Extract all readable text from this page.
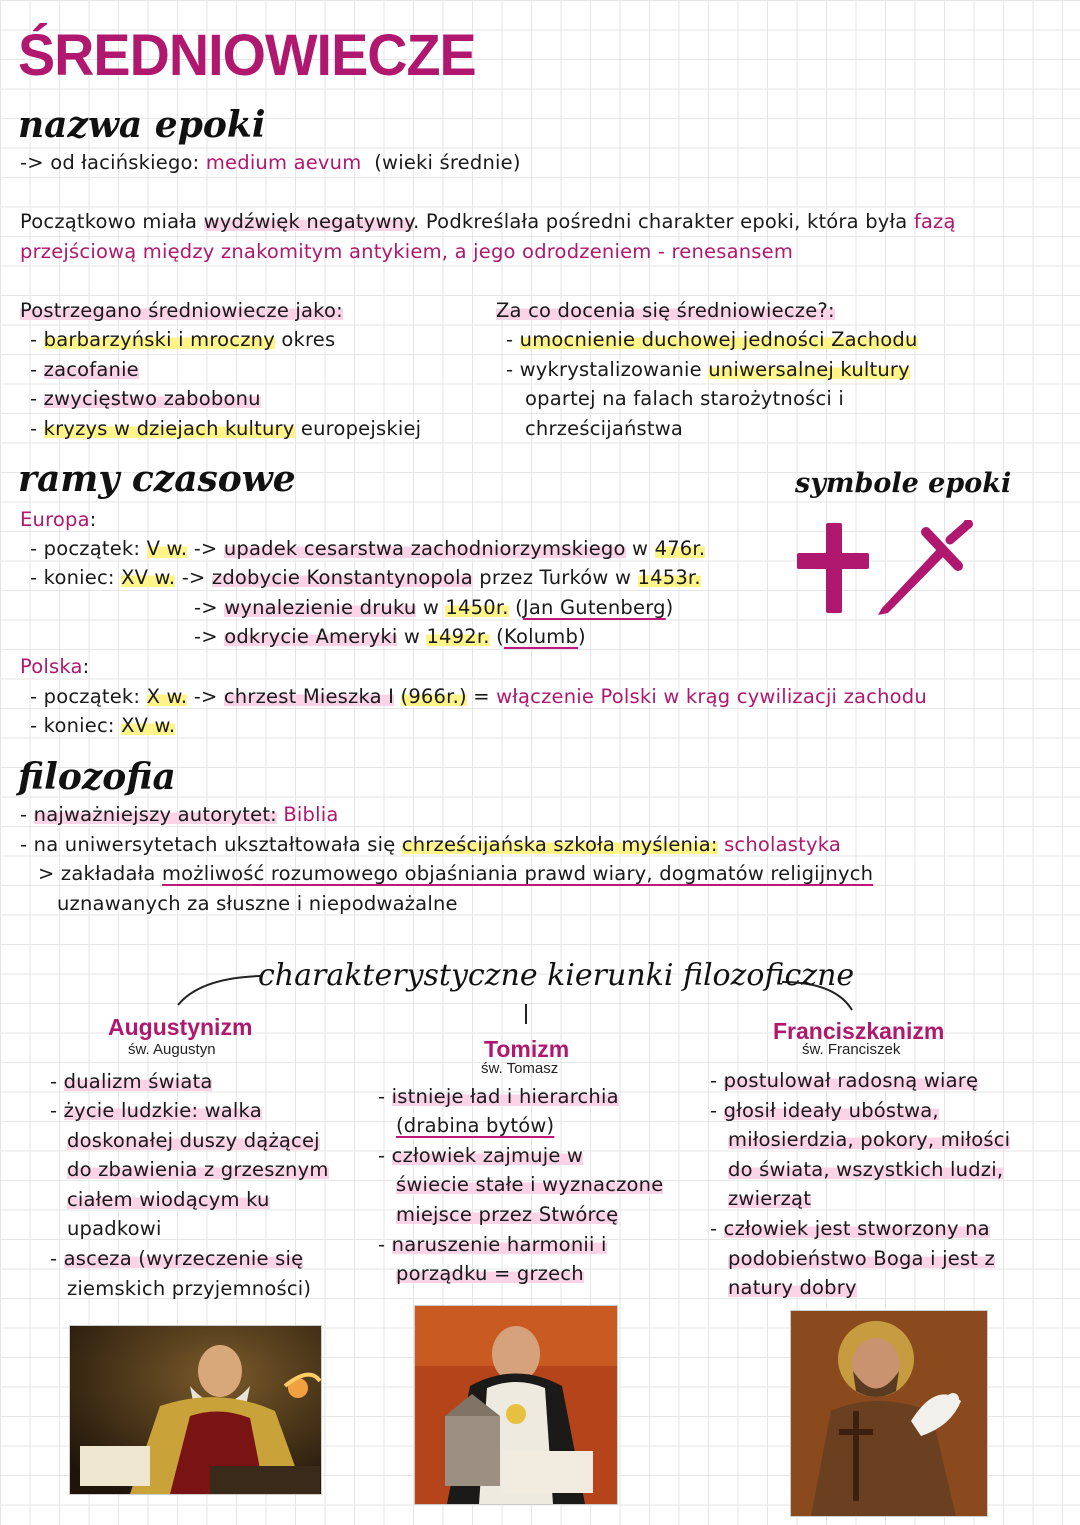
ŚREDNIOWIECZE
nazwa epoki
-> od łacińskiego: medium aevum (wieki średnie)
Początkowo miała wydźwięk negatywny. Podkreślała pośredni charakter epoki, która była fazą
przejściową między znakomitym antykiem, a jego odrodzeniem - renesansem
Postrzegano średniowiecze jako:
- barbarzyński i mroczny okres
- zacofanie
- zwycięstwo zabobonu
- kryzys w dziejach kultury europejskiej
Za co docenia się średniowiecze?:
- umocnienie duchowej jedności Zachodu
- wykrystalizowanie uniwersalnej kultury
opartej na falach starożytności i
chrześcijaństwa
ramy czasowe	symbole epoki
Europa:
- początek: V w. -> upadek cesarstwa zachodniorzymskiego w 476r.
- koniec: XV w. -> zdobycie Konstantynopola przez Turków w 1453r.
-> wynalezienie druku w 1450r. (Jan Gutenberg)
-> odkrycie Ameryki w 1492r. (Kolumb)
Polska:
- początek: X w. -> chrzest Mieszka I (966r.) = włączenie Polski w krąg cywilizacji zachodu
- koniec: XV w.
filozofia
- najważniejszy autorytet: Biblia
- na uniwersytetach ukształtowała się chrześcijańska szkoła myślenia: scholastyka
> zakładała możliwość rozumowego objaśniania prawd wiary, dogmatów religijnych
uznawanych za słuszne i niepodważalne
charakterystyczne kierunki filozoficzne
Augustynizm
św. Augustyn
- dualizm świata
- życie ludzkie: walka
doskonałej duszy dążącej
do zbawienia z grzesznym
ciałem wiodącym ku
upadkowi
- asceza (wyrzeczenie się
ziemskich przyjemności)
Tomizm
św. Tomasz
- istnieje ład i hierarchia
(drabina bytów)
- człowiek zajmuje w
świecie stałe i wyznaczone
miejsce przez Stwórcę
- naruszenie harmonii i
porządku = grzech
Franciszkanizm
św. Franciszek
- postulował radosną wiarę
- głosił ideały ubóstwa,
miłosierdzia, pokory, miłości
do świata, wszystkich ludzi,
zwierząt
- człowiek jest stworzony na
podobieństwo Boga i jest z
natury dobry
